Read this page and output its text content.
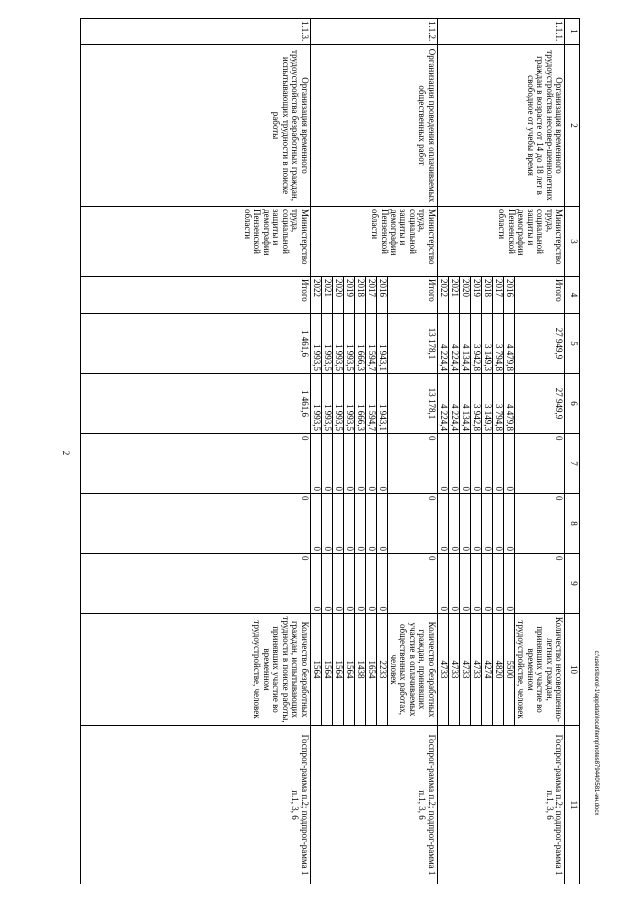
2
c:\users\borol-1\appdata\local\temp\notes879440\581-ин.docx
1	2	3	4	5	6	7	8	9	10	11
1.1.1.	Организация временного трудоустройства несовер-шеннолетних граждан в возрасте от 14 до 18 лет в свободное от учебы время	Министерство труда, социальной защиты и демографии Пензенской области	Итого	27 949,9	27 949,9	0	0	0	Количество несовершенно-летних граждан, принявших участие во временном трудоустройстве, человек	Госпрог-рамма п.2; подпрог-рамма 1 п.1, 3, 6
			2016	4 479,8	4 479,8	0	0	0	5500	
			2017	3 794,8	3 794,8	0	0	0	4820	
			2018	3 149,3	3 149,3	0	0	0	4274	
			2019	3 942,8	3 942,8	0	0	0	4733	
			2020	4 134,4	4 134,4	0	0	0	4733	
			2021	4 224,4	4 224,4	0	0	0	4733	
			2022	4 224,4	4 224,4	0	0	0	4733	
1.1.2.	Организация проведения оплачиваемых общественных работ	Министерство труда, социальной защиты и демографии Пензенской области	Итого	13 178,1	13 178,1	0	0	0	Количество безработных граждан, принявших участие в оплачиваемых общественных работах, человек	Госпрог-рамма п.2; подпрог-рамма 1 п.1, 3, 6
			2016	1 943,1	1 943,1	0	0	0	2233	
			2017	1 594,7	1 594,7	0	0	0	1654	
			2018	1 666,3	1 666,3	0	0	0	1438	
			2019	1 993,5	1 993,5	0	0	0	1564	
			2020	1 993,5	1 993,5	0	0	0	1564	
			2021	1 993,5	1 993,5	0	0	0	1564	
			2022	1 993,5	1 993,5	0	0	0	1564	
1.1.3.	Организация временного трудоустройства безработных граждан, испытывающих трудности в поиске работы	Министерство труда, социальной защиты и демографии Пензенской области	Итого	1 461,6	1 461,6	0	0	0	Количество безработных граждан, испытывающих трудности в поиске работы, принявших участие во временном трудоустройстве, человек	Госпрог-рамма п.2; подпрог-рамма 1 п.1, 3, 6
